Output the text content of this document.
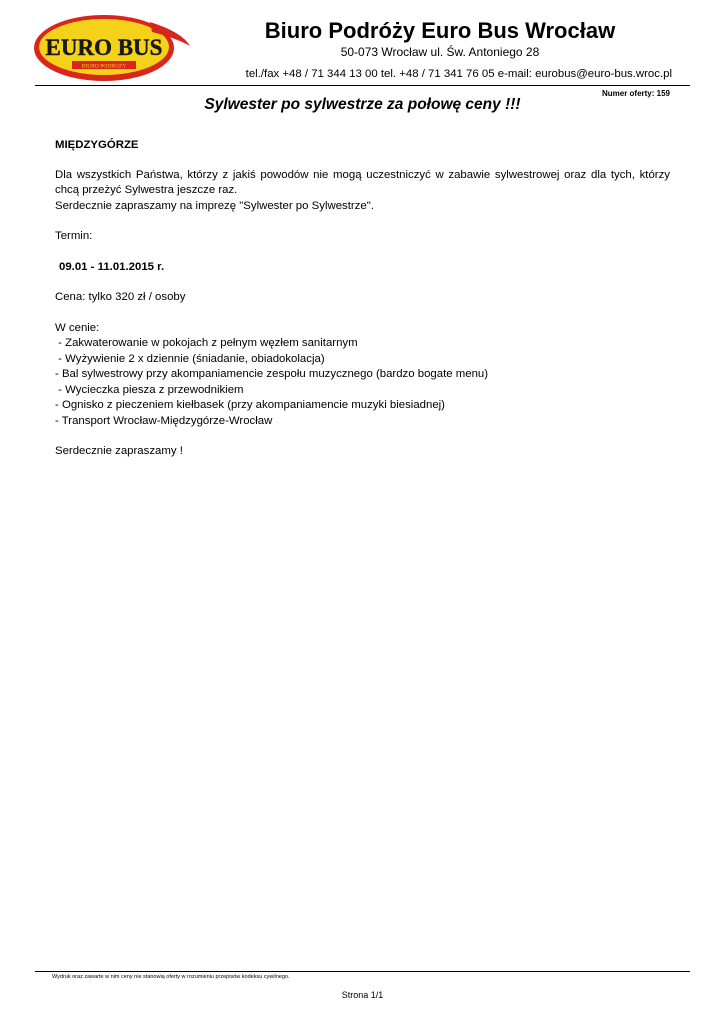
EURO BUS
BIURO PODRÓŻY
Biuro Podróży Euro Bus Wrocław
50-073 Wrocław ul. Św. Antoniego 28
tel./fax +48 / 71 344 13 00 tel. +48 / 71 341 76 05 e-mail: eurobus@euro-bus.wroc.pl
Numer oferty: 159
Sylwester po sylwestrze za połowę ceny !!!

MIĘDZYGÓRZE

Dla wszystkich Państwa, którzy z jakiś powodów nie mogą uczestniczyć w zabawie sylwestrowej oraz dla tych, którzy chcą przeżyć Sylwestra jeszcze raz.
Serdecznie zapraszamy na imprezę "Sylwester po Sylwestrze".

Termin:

09.01 - 11.01.2015 r.

Cena: tylko 320 zł / osoby

W cenie:

- Zakwaterowanie w pokojach z pełnym węzłem sanitarnym
- Wyżywienie 2 x dziennie (śniadanie, obiadokolacja)
- Bal sylwestrowy przy akompaniamencie zespołu muzycznego (bardzo bogate menu)
- Wycieczka piesza z przewodnikiem
- Ognisko z pieczeniem kiełbasek (przy akompaniamencie muzyki biesiadnej)
- Transport Wrocław-Międzygórze-Wrocław

Serdecznie zapraszamy !

Wydruk oraz zawarte w nim ceny nie stanowią oferty w rozumieniu przepisów kodeksu cywilnego.
Strona 1/1
